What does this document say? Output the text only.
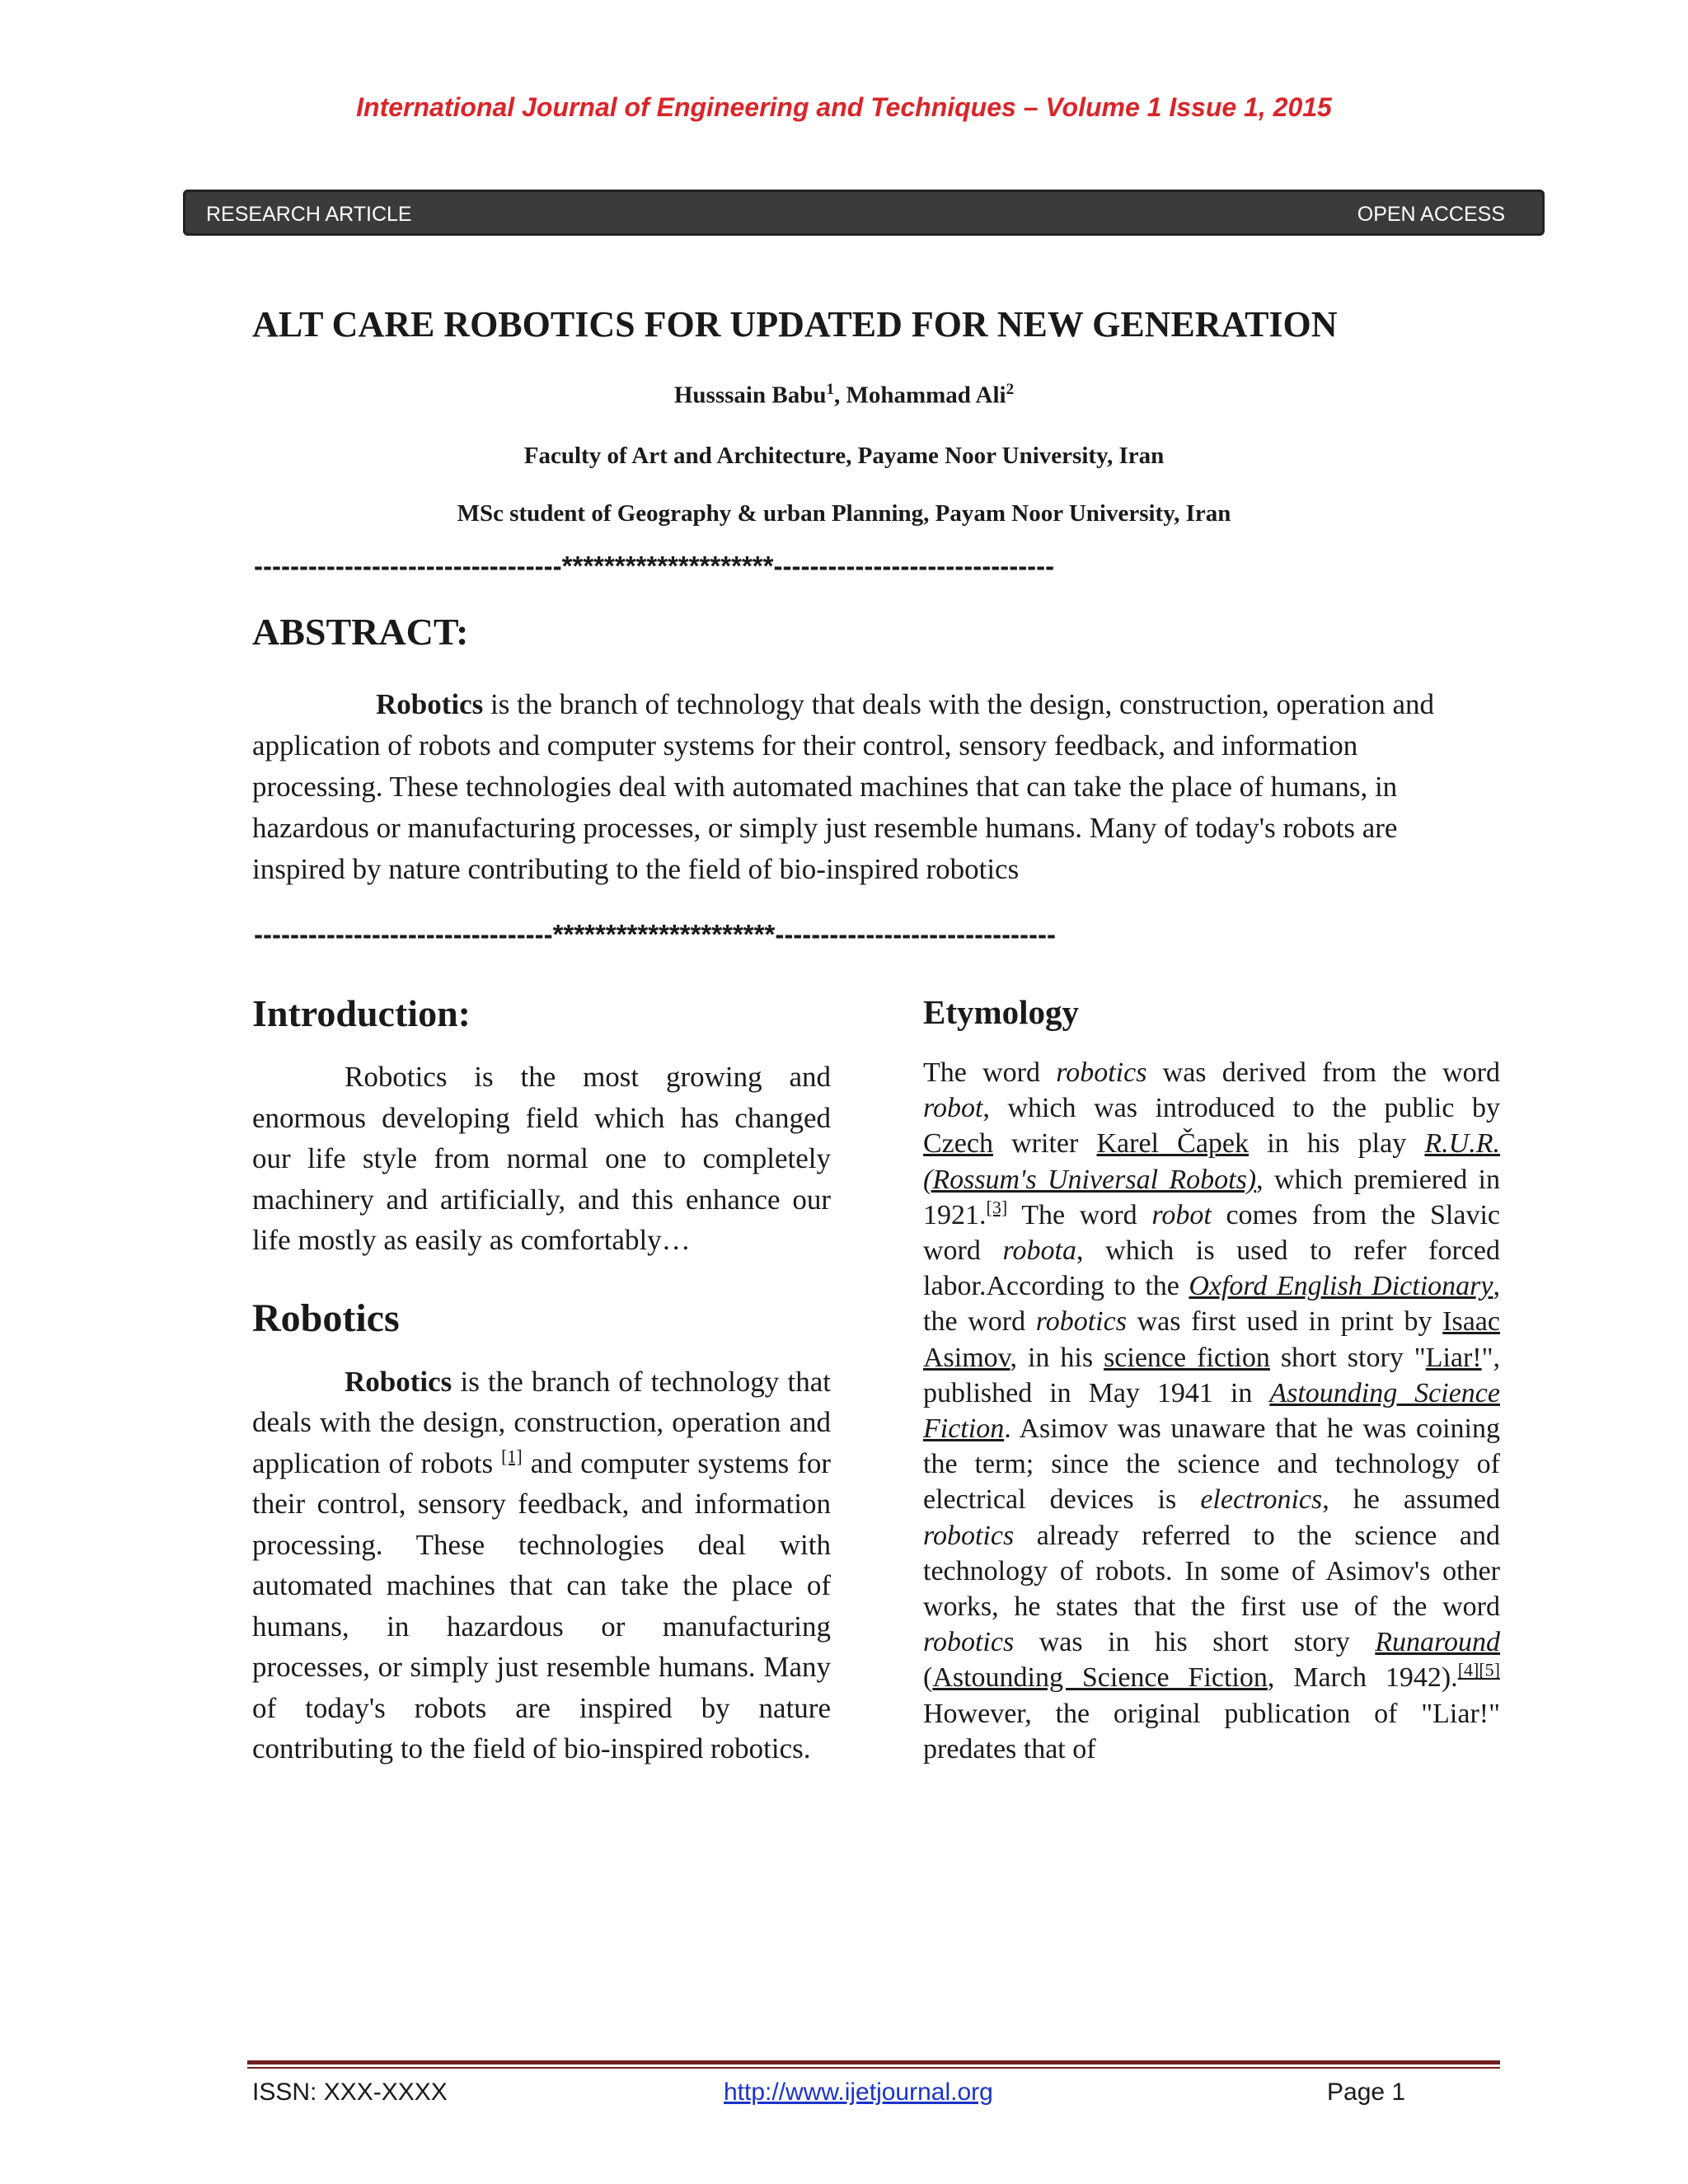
International Journal of Engineering and Techniques – Volume 1 Issue 1, 2015
RESEARCH ARTICLE	OPEN ACCESS
ALT CARE ROBOTICS FOR UPDATED FOR NEW GENERATION
Husssain Babu$^1$, Mohammad Ali$^2$
Faculty of Art and Architecture, Payame Noor University, Iran
MSc student of Geography & urban Planning, Payam Noor University, Iran
----------------------------------********************-------------------------------
ABSTRACT:
Robotics is the branch of technology that deals with the design, construction, operation and application of robots and computer systems for their control, sensory feedback, and information processing. These technologies deal with automated machines that can take the place of humans, in hazardous or manufacturing processes, or simply just resemble humans. Many of today's robots are inspired by nature contributing to the field of bio-inspired robotics
---------------------------------*********************-------------------------------
Introduction:

Robotics is the most growing and enormous developing field which has changed our life style from normal one to completely machinery and artificially, and this enhance our life mostly as easily as comfortably…

Robotics

Robotics is the branch of technology that deals with the design, construction, operation and application of robots [1] and computer systems for their control, sensory feedback, and information processing. These technologies deal with automated machines that can take the place of humans, in hazardous or manufacturing processes, or simply just resemble humans. Many of today's robots are inspired by nature contributing to the field of bio-inspired robotics.

Etymology

The word robotics was derived from the word robot, which was introduced to the public by Czech writer Karel Čapek in his play R.U.R. (Rossum's Universal Robots), which premiered in 1921.[3] The word robot comes from the Slavic word robota, which is used to refer forced labor.According to the Oxford English Dictionary, the word robotics was first used in print by Isaac Asimov, in his science fiction short story "Liar!", published in May 1941 in Astounding Science Fiction. Asimov was unaware that he was coining the term; since the science and technology of electrical devices is electronics, he assumed robotics already referred to the science and technology of robots. In some of Asimov's other works, he states that the first use of the word robotics was in his short story Runaround (Astounding Science Fiction, March 1942).[4][5] However, the original publication of "Liar!" predates that of

ISSN: XXX-XXXX	http://www.ijetjournal.org	Page 1
